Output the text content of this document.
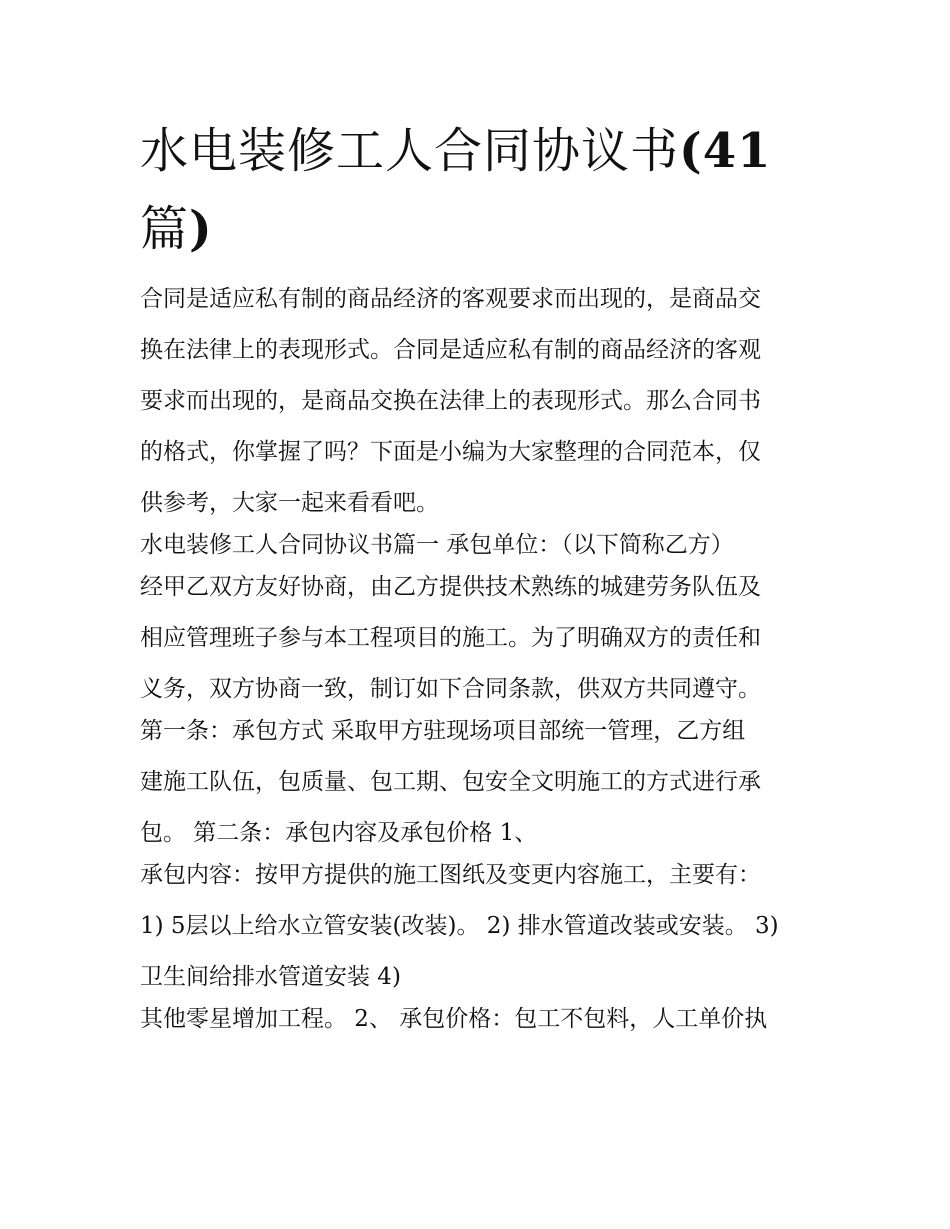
水电装修工人合同协议书(41
篇)

合同是适应私有制的商品经济的客观要求而出现的，是商品交

换在法律上的表现形式。合同是适应私有制的商品经济的客观

要求而出现的，是商品交换在法律上的表现形式。那么合同书

的格式，你掌握了吗？下面是小编为大家整理的合同范本，仅

供参考，大家一起来看看吧。

水电装修工人合同协议书篇一 承包单位：（以下简称乙方）

经甲乙双方友好协商，由乙方提供技术熟练的城建劳务队伍及

相应管理班子参与本工程项目的施工。为了明确双方的责任和

义务，双方协商一致，制订如下合同条款，供双方共同遵守。

第一条：承包方式 采取甲方驻现场项目部统一管理，乙方组

建施工队伍，包质量、包工期、包安全文明施工的方式进行承

包。 第二条：承包内容及承包价格 1、

承包内容：按甲方提供的施工图纸及变更内容施工，主要有：

1) 5层以上给水立管安装(改装)。 2) 排水管道改装或安装。 3)

卫生间给排水管道安装 4)

其他零星增加工程。 2、 承包价格：包工不包料，人工单价执
